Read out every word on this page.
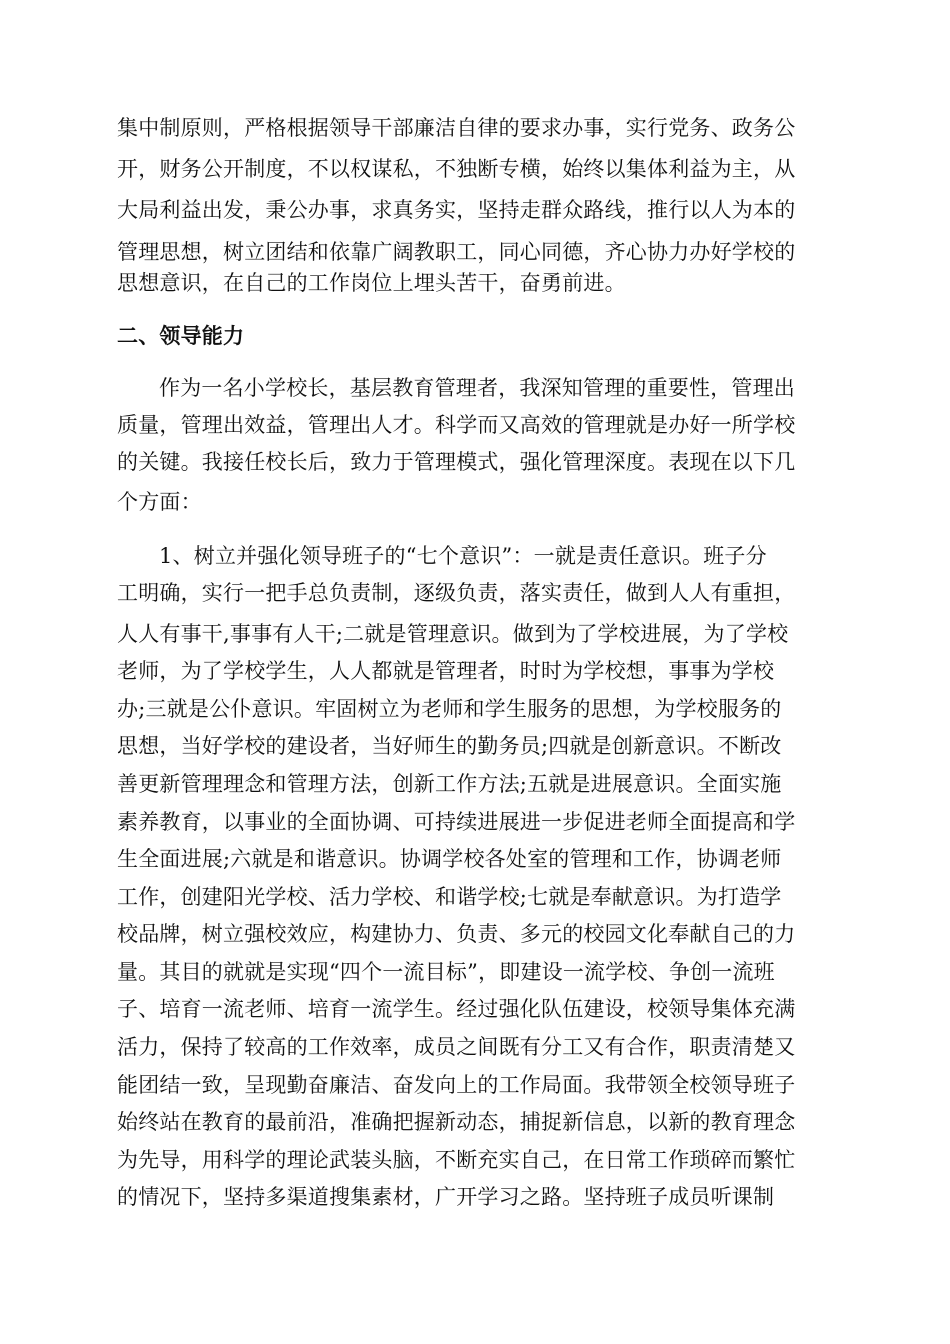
集中制原则，严格根据领导干部廉洁自律的要求办事，实行党务、政务公
开，财务公开制度，不以权谋私，不独断专横，始终以集体利益为主，从
大局利益出发，秉公办事，求真务实，坚持走群众路线，推行以人为本的
管理思想，树立团结和依靠广阔教职工，同心同德，齐心协力办好学校的
思想意识，在自己的工作岗位上埋头苦干，奋勇前进。
二、领导能力
作为一名小学校长，基层教育管理者，我深知管理的重要性，管理出
质量，管理出效益，管理出人才。科学而又高效的管理就是办好一所学校
的关键。我接任校长后，致力于管理模式，强化管理深度。表现在以下几
个方面：
1、树立并强化领导班子的“七个意识”：一就是责任意识。班子分
工明确，实行一把手总负责制，逐级负责，落实责任，做到人人有重担，
人人有事干,事事有人干;二就是管理意识。做到为了学校进展，为了学校
老师，为了学校学生，人人都就是管理者，时时为学校想，事事为学校
办;三就是公仆意识。牢固树立为老师和学生服务的思想，为学校服务的
思想，当好学校的建设者，当好师生的勤务员;四就是创新意识。不断改
善更新管理理念和管理方法，创新工作方法;五就是进展意识。全面实施
素养教育，以事业的全面协调、可持续进展进一步促进老师全面提高和学
生全面进展;六就是和谐意识。协调学校各处室的管理和工作，协调老师
工作，创建阳光学校、活力学校、和谐学校;七就是奉献意识。为打造学
校品牌，树立强校效应，构建协力、负责、多元的校园文化奉献自己的力
量。其目的就就是实现“四个一流目标”，即建设一流学校、争创一流班
子、培育一流老师、培育一流学生。经过强化队伍建设，校领导集体充满
活力，保持了较高的工作效率，成员之间既有分工又有合作，职责清楚又
能团结一致，呈现勤奋廉洁、奋发向上的工作局面。我带领全校领导班子
始终站在教育的最前沿，准确把握新动态，捕捉新信息，以新的教育理念
为先导，用科学的理论武装头脑，不断充实自己，在日常工作琐碎而繁忙
的情况下，坚持多渠道搜集素材，广开学习之路。坚持班子成员听课制
